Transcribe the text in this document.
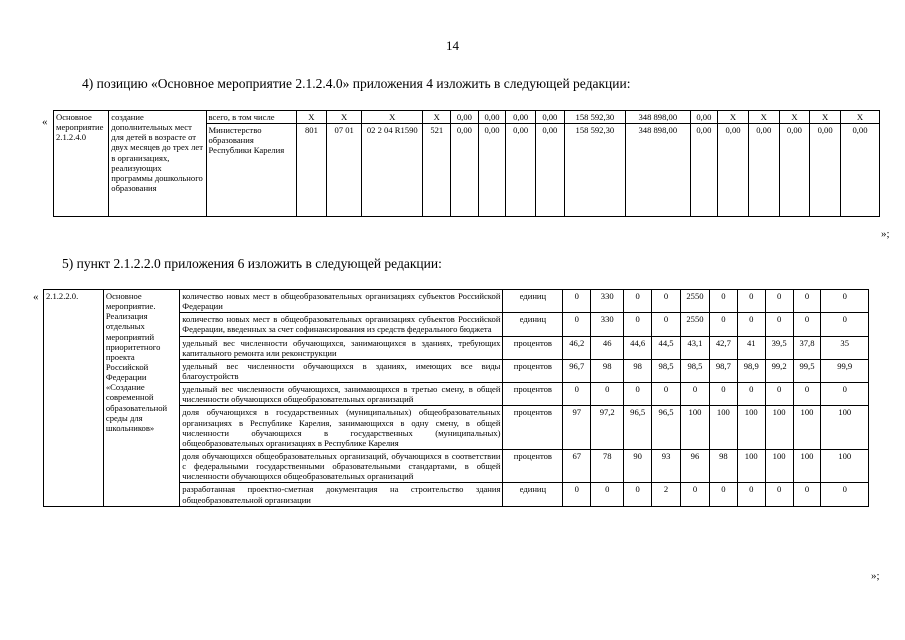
14
4) позицию «Основное мероприятие 2.1.2.4.0» приложения 4 изложить в следующей редакции:
« Основное мероприятие 2.1.2.4.0	создание дополнительных мест для детей в возрасте от двух месяцев до трех лет в организациях, реализующих программы дошкольного образования	всего, в том числе	X	X	X	X	0,00	0,00	0,00	0,00	158 592,30	348 898,00	0,00	X	X	X	X	X
		Министерство образования Республики Карелия	801	07 01	02 2 04 R1590	521	0,00	0,00	0,00	0,00	158 592,30	348 898,00	0,00	0,00	0,00	0,00	0,00	0,00
»;
5) пункт 2.1.2.2.0 приложения 6 изложить в следующей редакции:
« 2.1.2.2.0.	Основное мероприятие. Реализация отдельных мероприятий приоритетного проекта Российской Федерации «Создание современной образовательной среды для школьников»	количество новых мест в общеобразовательных организациях субъектов Российской Федерации	единиц	0	330	0	0	2550	0	0	0	0	0
		количество новых мест в общеобразовательных организациях субъектов Российской Федерации, введенных за счет софинансирования из средств федерального бюджета	единиц	0	330	0	0	2550	0	0	0	0	0
		удельный вес численности обучающихся, занимающихся в зданиях, требующих капитального ремонта или реконструкции	процентов	46,2	46	44,6	44,5	43,1	42,7	41	39,5	37,8	35
		удельный вес численности обучающихся в зданиях, имеющих все виды благоустройств	процентов	96,7	98	98	98,5	98,5	98,7	98,9	99,2	99,5	99,9
		удельный вес численности обучающихся, занимающихся в третью смену, в общей численности обучающихся общеобразовательных организаций	процентов	0	0	0	0	0	0	0	0	0	0
		доля обучающихся в государственных (муниципальных) общеобразовательных организациях в Республике Карелия, занимающихся в одну смену, в общей численности обучающихся в государственных (муниципальных) общеобразовательных организациях в Республике Карелия	процентов	97	97,2	96,5	96,5	100	100	100	100	100	100
		доля обучающихся общеобразовательных организаций, обучающихся в соответствии с федеральными государственными образовательными стандартами, в общей численности обучающихся общеобразовательных организаций	процентов	67	78	90	93	96	98	100	100	100	100
		разработанная проектно-сметная документация на строительство здания общеобразовательной организации	единиц	0	0	0	2	0	0	0	0	0	0
»;
